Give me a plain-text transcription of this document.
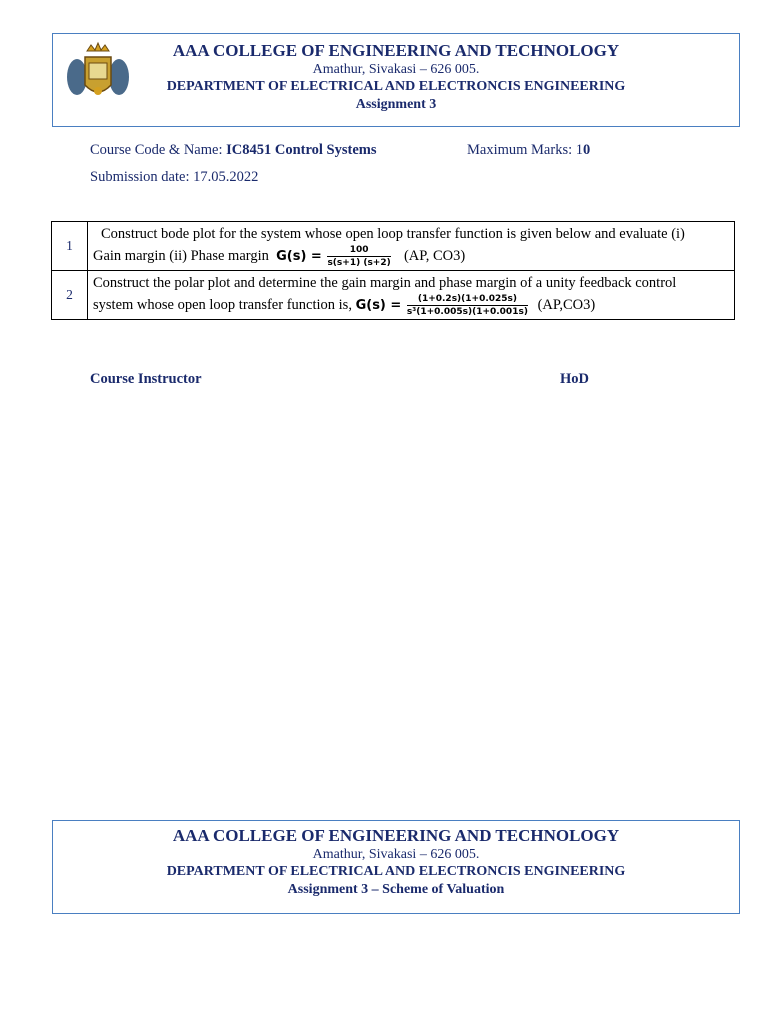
AAA COLLEGE OF ENGINEERING AND TECHNOLOGY
Amathur, Sivakasi – 626 005.
DEPARTMENT OF ELECTRICAL AND ELECTRONCIS ENGINEERING
Assignment 3
Course Code & Name: IC8451 Control Systems	Maximum Marks: 10
Submission date: 17.05.2022
1	Construct bode plot for the system whose open loop transfer function is given below and evaluate (i)
Gain margin (ii) Phase margin $G(s) = \frac{100}{s(s+1) (s+2)} (AP$, CO3)

2	Construct the polar plot and determine the gain margin and phase margin of a unity feedback control
system whose open loop transfer function is, $G(s) = \frac{(1+0.2s)(1+0.025s)}{\text{s³(1+0.005s)(1+0.001s)}} (AP,CO3)$
Course Instructor	HoD
AAA COLLEGE OF ENGINEERING AND TECHNOLOGY
Amathur, Sivakasi – 626 005.
DEPARTMENT OF ELECTRICAL AND ELECTRONCIS ENGINEERING
Assignment 3 – Scheme of Valuation
